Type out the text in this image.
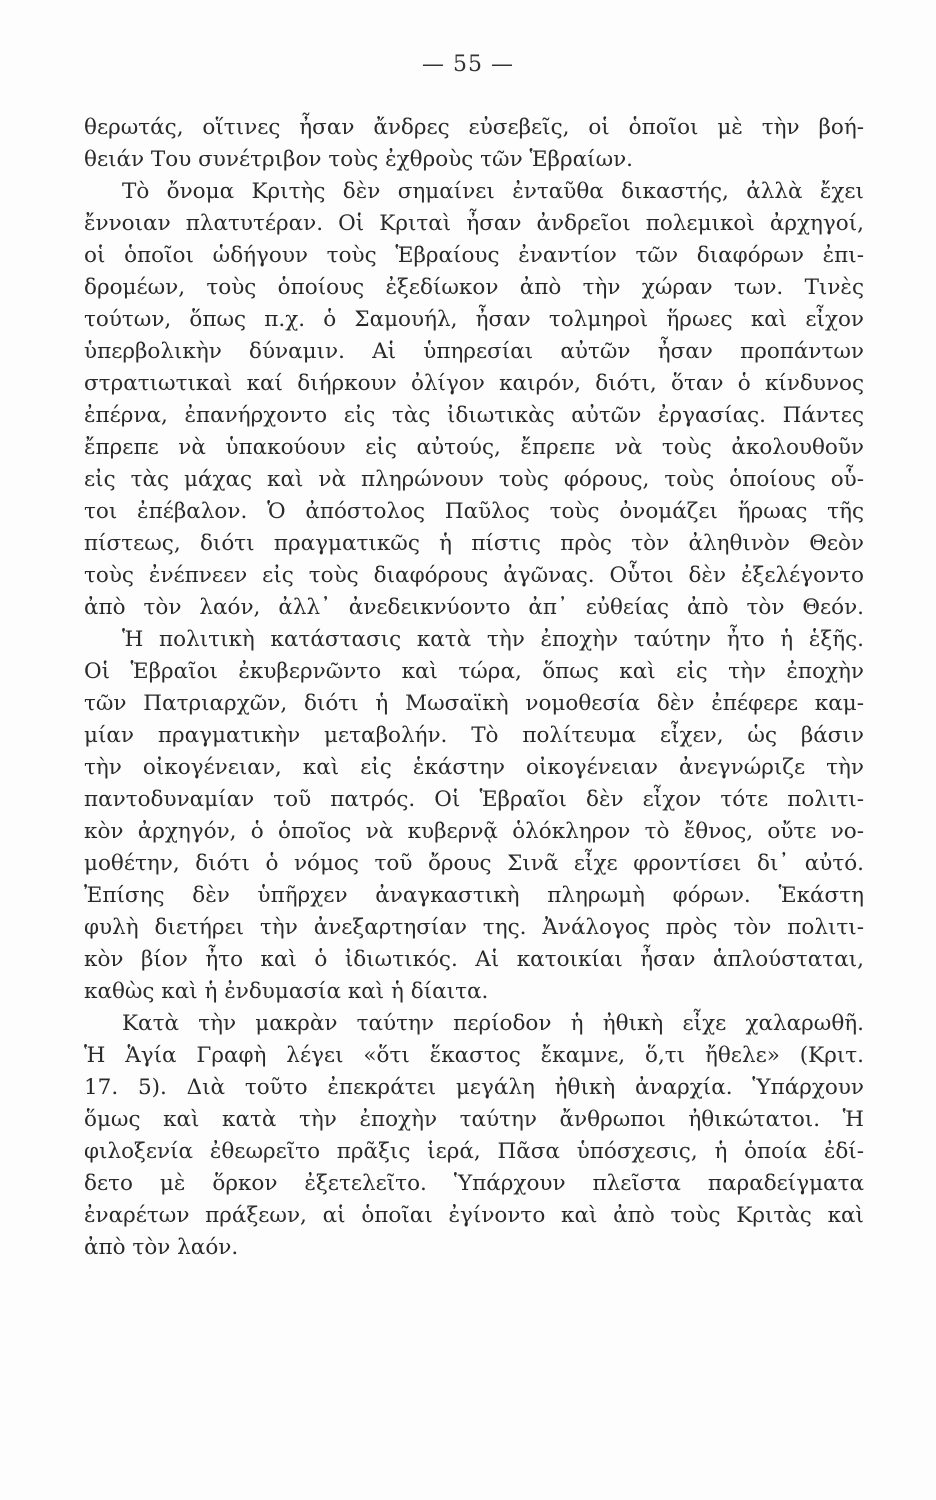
— 55 —
θερωτάς, οἵτινες ἦσαν ἄνδρες εὐσεβεῖς, οἱ ὁποῖοι μὲ τὴν βοή-
θειάν Του συνέτριβον τοὺς ἐχθροὺς τῶν Ἑβραίων.
Τὸ ὄνομα Κριτὴς δὲν σημαίνει ἐνταῦθα δικαστής, ἀλλὰ ἔχει
ἔννοιαν πλατυτέραν. Οἱ Κριταὶ ἦσαν ἀνδρεῖοι πολεμικοὶ ἀρχηγοί,
οἱ ὁποῖοι ὡδήγουν τοὺς Ἑβραίους ἐναντίον τῶν διαφόρων ἐπι-
δρομέων, τοὺς ὁποίους ἐξεδίωκον ἀπὸ τὴν χώραν των. Τινὲς
τούτων, ὅπως π.χ. ὁ Σαμουήλ, ἦσαν τολμηροὶ ἥρωες καὶ εἶχον
ὑπερβολικὴν δύναμιν. Αἱ ὑπηρεσίαι αὐτῶν ἦσαν προπάντων
στρατιωτικαὶ καί διήρκουν ὀλίγον καιρόν, διότι, ὅταν ὁ κίνδυνος
ἐπέρνα, ἐπανήρχοντο εἰς τὰς ἰδιωτικὰς αὐτῶν ἐργασίας. Πάντες
ἔπρεπε νὰ ὑπακούουν εἰς αὐτούς, ἔπρεπε νὰ τοὺς ἀκολουθοῦν
εἰς τὰς μάχας καὶ νὰ πληρώνουν τοὺς φόρους, τοὺς ὁποίους οὗ-
τοι ἐπέβαλον. Ὁ ἀπόστολος Παῦλος τοὺς ὀνομάζει ἥρωας τῆς
πίστεως, διότι πραγματικῶς ἡ πίστις πρὸς τὸν ἀληθινὸν Θεὸν
τοὺς ἐνέπνεεν εἰς τοὺς διαφόρους ἀγῶνας. Οὗτοι δὲν ἐξελέγοντο
ἀπὸ τὸν λαόν, ἀλλ᾽ ἀνεδεικνύοντο ἀπ᾽ εὐθείας ἀπὸ τὸν Θεόν.
Ἡ πολιτικὴ κατάστασις κατὰ τὴν ἐποχὴν ταύτην ἦτο ἡ ἑξῆς.
Οἱ Ἑβραῖοι ἐκυβερνῶντο καὶ τώρα, ὅπως καὶ εἰς τὴν ἐποχὴν
τῶν Πατριαρχῶν, διότι ἡ Μωσαϊκὴ νομοθεσία δὲν ἐπέφερε καμ-
μίαν πραγματικὴν μεταβολήν. Τὸ πολίτευμα εἶχεν, ὡς βάσιν
τὴν οἰκογένειαν, καὶ εἰς ἑκάστην οἰκογένειαν ἀνεγνώριζε τὴν
παντοδυναμίαν τοῦ πατρός. Οἱ Ἑβραῖοι δὲν εἶχον τότε πολιτι-
κὸν ἀρχηγόν, ὁ ὁποῖος νὰ κυβερνᾷ ὁλόκληρον τὸ ἔθνος, οὔτε νο-
μοθέτην, διότι ὁ νόμος τοῦ ὄρους Σινᾶ εἶχε φροντίσει δι᾽ αὐτό.
Ἐπίσης δὲν ὑπῆρχεν ἀναγκαστικὴ πληρωμὴ φόρων. Ἑκάστη
φυλὴ διετήρει τὴν ἀνεξαρτησίαν της. Ἀνάλογος πρὸς τὸν πολιτι-
κὸν βίον ἦτο καὶ ὁ ἰδιωτικός. Αἱ κατοικίαι ἦσαν ἁπλούσταται,
καθὼς καὶ ἡ ἐνδυμασία καὶ ἡ δίαιτα.
Κατὰ τὴν μακρὰν ταύτην περίοδον ἡ ἠθικὴ εἶχε χαλαρωθῆ.
Ἡ Ἁγία Γραφὴ λέγει «ὅτι ἕκαστος ἔκαμνε, ὅ,τι ἤθελε» (Κριτ.
17. 5). Διὰ τοῦτο ἐπεκράτει μεγάλη ἠθικὴ ἀναρχία. Ὑπάρχουν
ὅμως καὶ κατὰ τὴν ἐποχὴν ταύτην ἄνθρωποι ἠθικώτατοι. Ἡ
φιλοξενία ἐθεωρεῖτο πρᾶξις ἱερά, Πᾶσα ὑπόσχεσις, ἡ ὁποία ἐδί-
δετο μὲ ὅρκον ἐξετελεῖτο. Ὑπάρχουν πλεῖστα παραδείγματα
ἐναρέτων πράξεων, αἱ ὁποῖαι ἐγίνοντο καὶ ἀπὸ τοὺς Κριτὰς καὶ
ἀπὸ τὸν λαόν.
